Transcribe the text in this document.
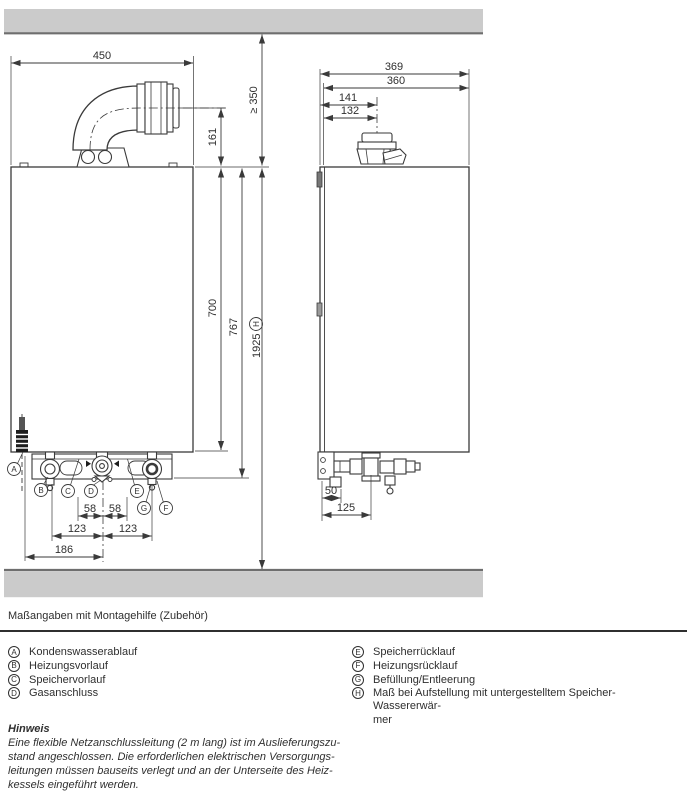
450
≥ 350
161
700
767
1925
H
58 58
123	123
186
A
B	C D	E
G F
369
360
141
132
50
125
Maßangaben mit Montagehilfe (Zubehör)
A	Kondenswasserablauf
B	Heizungsvorlauf
C Speichervorlauf
D Gasanschluss
E	Speicherrücklauf
F	Heizungsrücklauf
G Befüllung/Entleerung
H Maß bei Aufstellung mit untergestelltem Speicher-Wassererwär-
mer
Hinweis
Eine flexible Netzanschlussleitung (2 m lang) ist im Auslieferungszu-
stand angeschlossen. Die erforderlichen elektrischen Versorgungs-
leitungen müssen bauseits verlegt und an der Unterseite des Heiz-
kessels eingeführt werden.
